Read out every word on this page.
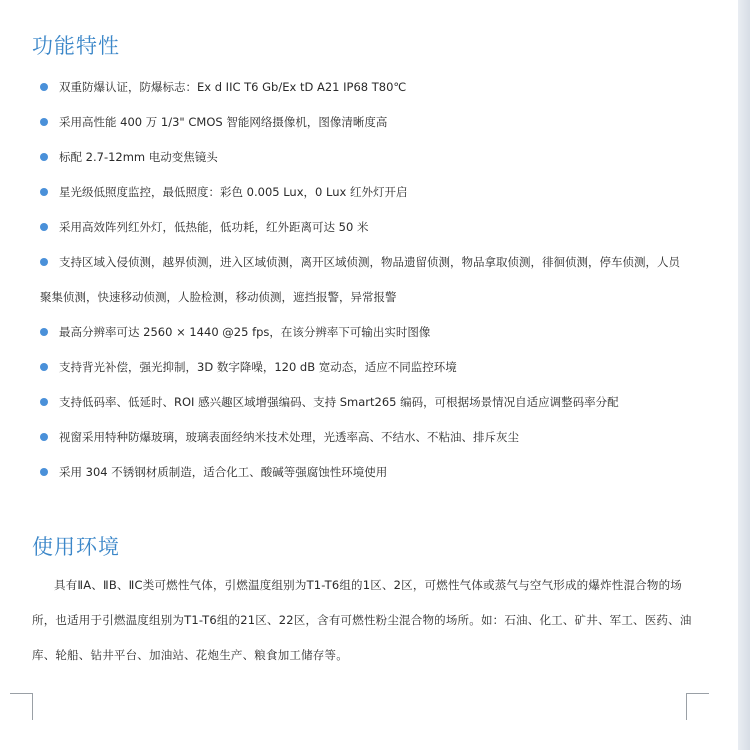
功能特性
双重防爆认证，防爆标志：Ex d IIC T6 Gb/Ex tD A21 IP68 T80℃
采用高性能 400 万 1/3" CMOS 智能网络摄像机，图像清晰度高
标配 2.7-12mm 电动变焦镜头
星光级低照度监控，最低照度：彩色 0.005 Lux，0 Lux 红外灯开启
采用高效阵列红外灯，低热能，低功耗，红外距离可达 50 米
支持区域入侵侦测，越界侦测，进入区域侦测，离开区域侦测，物品遗留侦测，物品拿取侦测，徘徊侦测，停车侦测，人员聚集侦测，快速移动侦测，人脸检测，移动侦测，遮挡报警，异常报警
最高分辨率可达 2560 × 1440 @25 fps，在该分辨率下可输出实时图像
支持背光补偿，强光抑制，3D 数字降噪，120 dB 宽动态，适应不同监控环境
支持低码率、低延时、ROI 感兴趣区域增强编码、支持 Smart265 编码，可根据场景情况自适应调整码率分配
视窗采用特种防爆玻璃，玻璃表面经纳米技术处理，光透率高、不结水、不粘油、排斥灰尘
采用 304 不锈钢材质制造，适合化工、酸碱等强腐蚀性环境使用
使用环境

具有ⅡA、ⅡB、ⅡC类可燃性气体，引燃温度组别为T1-T6组的1区、2区，可燃性气体或蒸气与空气形成的爆炸性混合物的场所，也适用于引燃温度组别为T1-T6组的21区、22区，含有可燃性粉尘混合物的场所。如：石油、化工、矿井、军工、医药、油库、轮船、钻井平台、加油站、花炮生产、粮食加工储存等。
